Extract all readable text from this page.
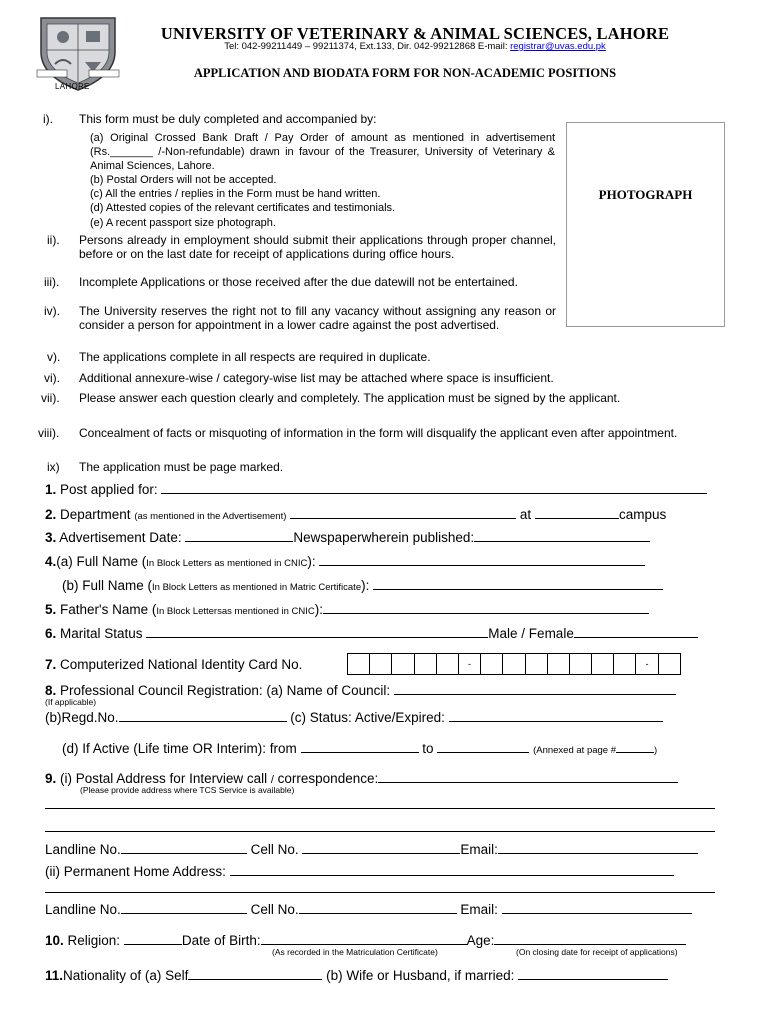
LAHORE
UNIVERSITY OF VETERINARY & ANIMAL SCIENCES, LAHORE
Tel: 042-99211449 – 99211374, Ext.133, Dir. 042-99212868 E-mail: registrar@uvas.edu.pk
APPLICATION AND BIODATA FORM FOR NON-ACADEMIC POSITIONS
PHOTOGRAPH
i). This form must be duly completed and accompanied by:
(a) Original Crossed Bank Draft / Pay Order of amount as mentioned in advertisement (Rs._______ /-Non-refundable) drawn in favour of the Treasurer, University of Veterinary & Animal Sciences, Lahore.
(b) Postal Orders will not be accepted.
(c) All the entries / replies in the Form must be hand written.
(d) Attested copies of the relevant certificates and testimonials.
(e) A recent passport size photograph.
ii). Persons already in employment should submit their applications through proper channel, before or on the last date for receipt of applications during office hours.
iii). Incomplete Applications or those received after the due datewill not be entertained.
iv). The University reserves the right not to fill any vacancy without assigning any reason or consider a person for appointment in a lower cadre against the post advertised.
v). The applications complete in all respects are required in duplicate.
vi). Additional annexure-wise / category-wise list may be attached where space is insufficient.
vii). Please answer each question clearly and completely. The application must be signed by the applicant.
viii). Concealment of facts or misquoting of information in the form will disqualify the applicant even after appointment.
ix) The application must be page marked.
1. Post applied for:
2. Department (as mentioned in the Advertisement)	at	campus
3. Advertisement Date:	Newspaperwherein published:
4.(a) Full Name (In Block Letters as mentioned in CNIC):
(b) Full Name (In Block Letters as mentioned in Matric Certificate):
5. Father's Name (In Block Lettersas mentioned in CNIC):
6. Marital Status	Male / Female
7. Computerized National Identity Card No.	-	-
8. Professional Council Registration: (a) Name of Council:
(If applicable)
(b)Regd.No.	(c) Status: Active/Expired:
(d) If Active (Life time OR Interim): from	to	(Annexed at page #	)
9. (i) Postal Address for Interview call / correspondence:
(Please provide address where TCS Service is available)
Landline No.	Cell No.	Email:
(ii) Permanent Home Address:
Landline No.	Cell No.	Email:
10. Religion:	Date of Birth:	Age:
(As recorded in the Matriculation Certificate)	(On closing date for receipt of applications)
11.Nationality of (a) Self	(b) Wife or Husband, if married:
